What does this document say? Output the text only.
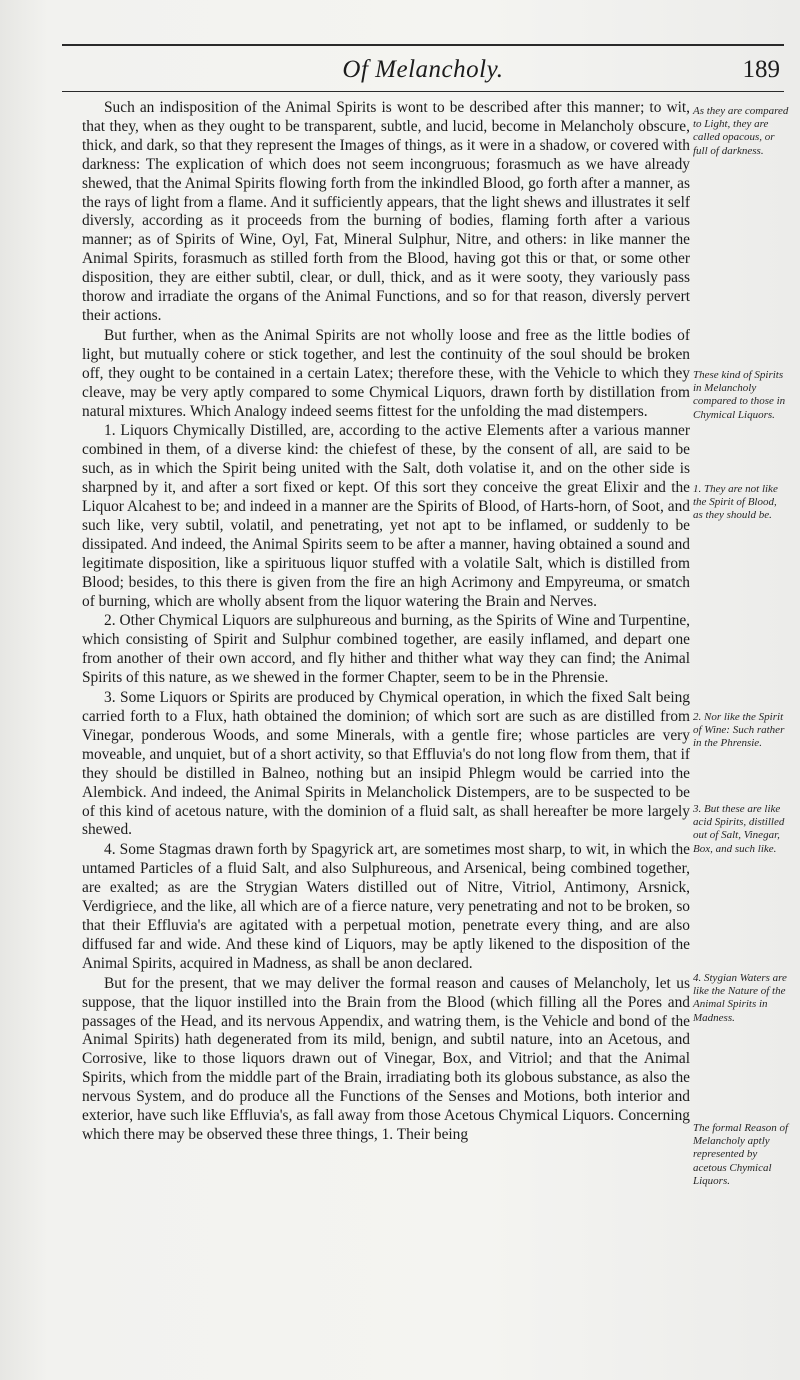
Of Melancholy.	189

Such an indisposition of the Animal Spirits is wont to be described after this manner; to wit, that they, when as they ought to be transparent, subtle, and lucid, become in Melancholy obscure, thick, and dark, so that they represent the Images of things, as it were in a shadow, or covered with darkness: The explication of which does not seem incongruous; forasmuch as we have already shewed, that the Animal Spirits flowing forth from the inkindled Blood, go forth after a manner, as the rays of light from a flame. And it sufficiently appears, that the light shews and illustrates it self diversly, according as it proceeds from the burning of bodies, flaming forth after a various manner; as of Spirits of Wine, Oyl, Fat, Mineral Sulphur, Nitre, and others: in like manner the Animal Spirits, forasmuch as stilled forth from the Blood, having got this or that, or some other disposition, they are either subtil, clear, or dull, thick, and as it were sooty, they variously pass thorow and irradiate the organs of the Animal Functions, and so for that reason, diversly pervert their actions.

But further, when as the Animal Spirits are not wholly loose and free as the little bodies of light, but mutually cohere or stick together, and lest the continuity of the soul should be broken off, they ought to be contained in a certain Latex; therefore these, with the Vehicle to which they cleave, may be very aptly compared to some Chymical Liquors, drawn forth by distillation from natural mixtures. Which Analogy indeed seems fittest for the unfolding the mad distempers.

1. Liquors Chymically Distilled, are, according to the active Elements after a various manner combined in them, of a diverse kind: the chiefest of these, by the consent of all, are said to be such, as in which the Spirit being united with the Salt, doth volatise it, and on the other side is sharpned by it, and after a sort fixed or kept. Of this sort they conceive the great Elixir and the Liquor Alcahest to be; and indeed in a manner are the Spirits of Blood, of Harts-horn, of Soot, and such like, very subtil, volatil, and penetrating, yet not apt to be inflamed, or suddenly to be dissipated. And indeed, the Animal Spirits seem to be after a manner, having obtained a sound and legitimate disposition, like a spirituous liquor stuffed with a volatile Salt, which is distilled from Blood; besides, to this there is given from the fire an high Acrimony and Empyreuma, or smatch of burning, which are wholly absent from the liquor watering the Brain and Nerves.

2. Other Chymical Liquors are sulphureous and burning, as the Spirits of Wine and Turpentine, which consisting of Spirit and Sulphur combined together, are easily inflamed, and depart one from another of their own accord, and fly hither and thither what way they can find; the Animal Spirits of this nature, as we shewed in the former Chapter, seem to be in the Phrensie.

3. Some Liquors or Spirits are produced by Chymical operation, in which the fixed Salt being carried forth to a Flux, hath obtained the dominion; of which sort are such as are distilled from Vinegar, ponderous Woods, and some Minerals, with a gentle fire; whose particles are very moveable, and unquiet, but of a short activity, so that Effluvia's do not long flow from them, that if they should be distilled in Balneo, nothing but an insipid Phlegm would be carried into the Alembick. And indeed, the Animal Spirits in Melancholick Distempers, are to be suspected to be of this kind of acetous nature, with the dominion of a fluid salt, as shall hereafter be more largely shewed.

4. Some Stagmas drawn forth by Spagyrick art, are sometimes most sharp, to wit, in which the untamed Particles of a fluid Salt, and also Sulphureous, and Arsenical, being combined together, are exalted; as are the Strygian Waters distilled out of Nitre, Vitriol, Antimony, Arsnick, Verdigriece, and the like, all which are of a fierce nature, very penetrating and not to be broken, so that their Effluvia's are agitated with a perpetual motion, penetrate every thing, and are also diffused far and wide. And these kind of Liquors, may be aptly likened to the disposition of the Animal Spirits, acquired in Madness, as shall be anon declared.

But for the present, that we may deliver the formal reason and causes of Melancholy, let us suppose, that the liquor instilled into the Brain from the Blood (which filling all the Pores and passages of the Head, and its nervous Appendix, and watring them, is the Vehicle and bond of the Animal Spirits) hath degenerated from its mild, benign, and subtil nature, into an Acetous, and Corrosive, like to those liquors drawn out of Vinegar, Box, and Vitriol; and that the Animal Spirits, which from the middle part of the Brain, irradiating both its globous substance, as also the nervous System, and do produce all the Functions of the Senses and Motions, both interior and exterior, have such like Effluvia's, as fall away from those Acetous Chymical Liquors. Concerning which there may be observed these three things, 1. Their being

As they are compared to Light, they are called opacous, or full of darkness.
These kind of Spirits in Melancholy compared to those in Chymical Liquors.
1. They are not like the Spirit of Blood, as they should be.
2. Nor like the Spirit of Wine: Such rather in the Phrensie.
3. But these are like acid Spirits, distilled out of Salt, Vinegar, Box, and such like.
4. Stygian Waters are like the Nature of the Animal Spirits in Madness.
The formal Reason of Melancholy aptly represented by acetous Chymical Liquors.
